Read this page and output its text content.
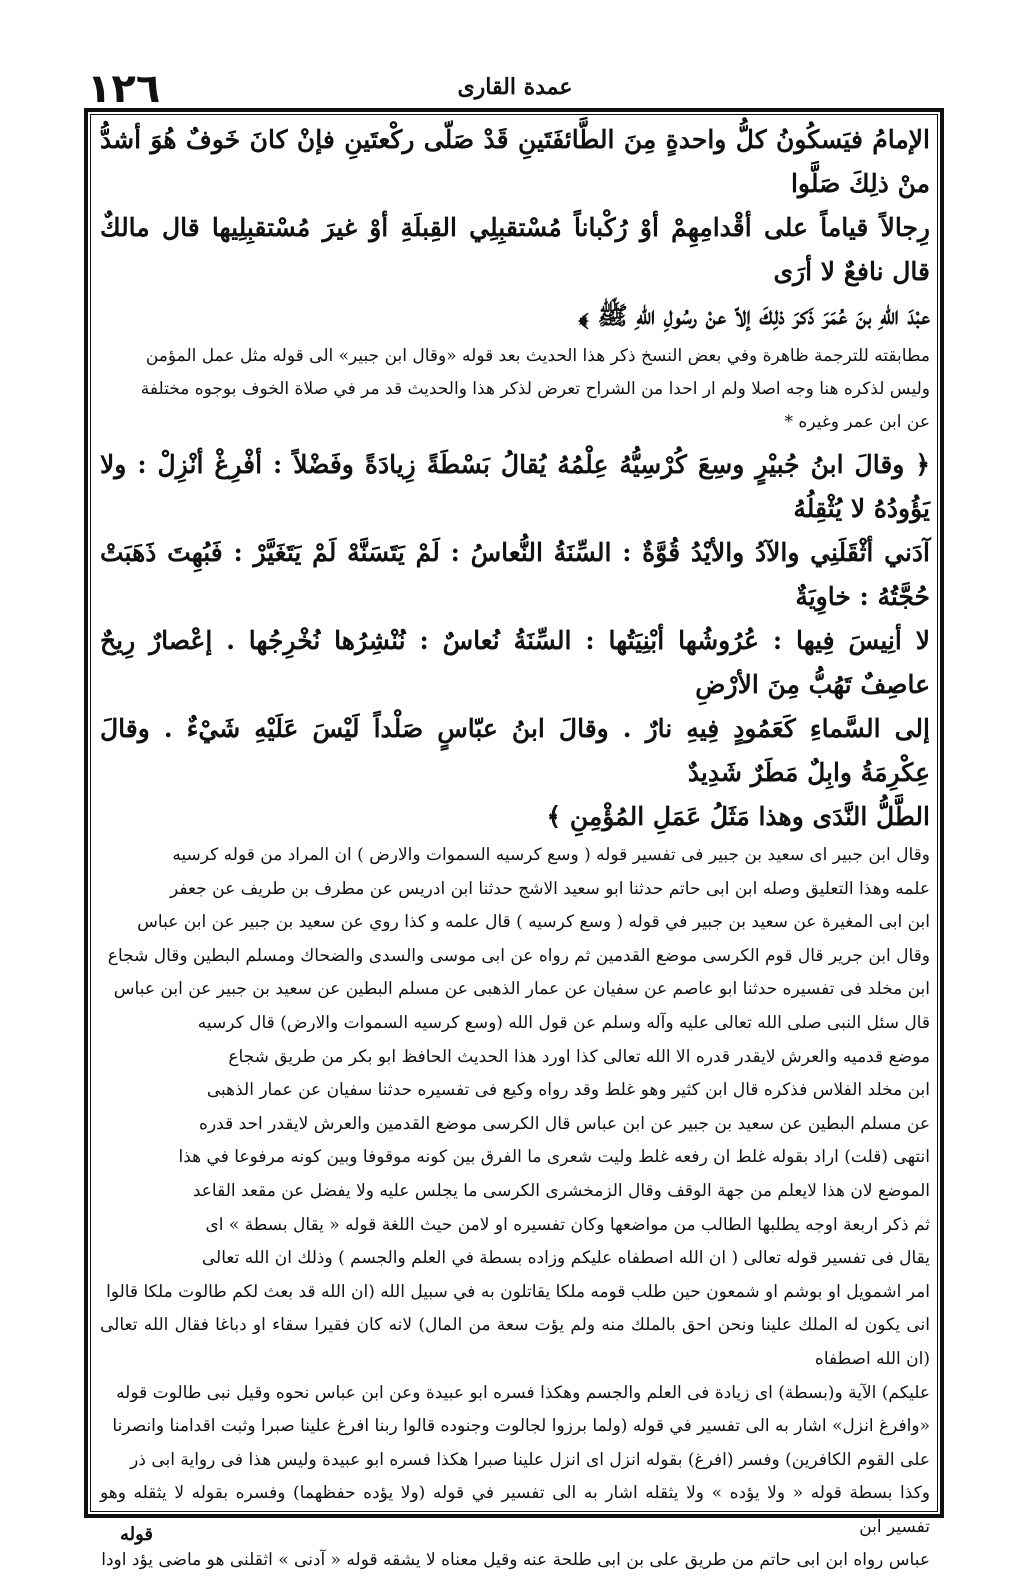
١٢٦	عمدة القارى

الإمامُ فيَسكُونُ كلُّ واحدةٍ مِنَ الطَّائفَتَينِ قَدْ صَلّى ركْعتَينِ فإنْ كانَ خَوفٌ هُوَ أشدُّ منْ ذلِكَ صَلَّوا

رِجالاً قياماً على أقْدامِهِمْ أوْ رُكْباناً مُسْتقبِلِي القِبلَةِ أوْ غيرَ مُسْتقبِلِيها قال مالكٌ قال نافعٌ لا أرَى

عبْدَ اللهِ بنَ عُمَرَ ذَكرَ ذلِكَ إلاّ عنْ رسُولِ اللهِ ﷺ ﴾

مطابقته للترجمة ظاهرة وفي بعض النسخ ذكر هذا الحديث بعد قوله «وقال ابن جبير» الى قوله مثل عمل المؤمن

وليس لذكره هنا وجه اصلا ولم ار احدا من الشراح تعرض لذكر هذا والحديث قد مر في صلاة الخوف بوجوه مختلفة

عن ابن عمر وغيره *

﴿ وقالَ ابنُ جُبيْرٍ وسِعَ كُرْسِيُّهُ عِلْمُهُ يُقالُ بَسْطَةً زِيادَةً وفَضْلاً : أفْرِغْ أنْزِلْ : ولا يَؤُودُهُ لا يُثْقِلُهُ

آدَني أثْقَلَنِي والآدُ والأيْدُ قُوَّةٌ : السِّنَةُ النُّعاسُ : لَمْ يَتَسَنَّهْ لَمْ يَتَغَيَّرْ : فَبُهِتَ ذَهَبَتْ حُجَّتُهُ : خاوِيَةٌ

لا أنِيسَ فِيها : عُرُوشُها أبْنِيَتُها : السِّنَةُ نُعاسٌ : نُنْشِرُها نُخْرِجُها . إعْصارٌ رِيحٌ عاصِفٌ تَهُبُّ مِنَ الأرْضِ

إلى السَّماءِ كَعَمُودٍ فِيهِ نارٌ . وقالَ ابنُ عبّاسٍ صَلْداً لَيْسَ عَلَيْهِ شَيْءٌ . وقالَ عِكْرِمَةُ وابِلٌ مَطَرٌ شَدِيدٌ

الطَّلُّ النَّدَى وهذا مَثَلُ عَمَلِ المُؤْمِنِ ﴾

وقال ابن جبير اى سعيد بن جبير فى تفسير قوله ( وسع كرسيه السموات والارض ) ان المراد من قوله كرسيه

علمه وهذا التعليق وصله ابن ابى حاتم حدثنا ابو سعيد الاشج حدثنا ابن ادريس عن مطرف بن طريف عن جعفر

ابن ابى المغيرة عن سعيد بن جبير في قوله ( وسع كرسيه ) قال علمه و كذا روي عن سعيد بن جبير عن ابن عباس

وقال ابن جرير قال قوم الكرسى موضع القدمين ثم رواه عن ابى موسى والسدى والضحاك ومسلم البطين وقال شجاع

ابن مخلد فى تفسيره حدثنا ابو عاصم عن سفيان عن عمار الذهبى عن مسلم البطين عن سعيد بن جبير عن ابن عباس

قال سئل النبى صلى الله تعالى عليه وآله وسلم عن قول الله (وسع كرسيه السموات والارض) قال كرسيه

موضع قدميه والعرش لايقدر قدره الا الله تعالى كذا اورد هذا الحديث الحافظ ابو بكر من طريق شجاع

ابن مخلد الفلاس فذكره قال ابن كثير وهو غلط وقد رواه وكيع فى تفسيره حدثنا سفيان عن عمار الذهبى

عن مسلم البطين عن سعيد بن جبير عن ابن عباس قال الكرسى موضع القدمين والعرش لايقدر احد قدره

انتهى (قلت) اراد بقوله غلط ان رفعه غلط وليت شعرى ما الفرق بين كونه موقوفا وبين كونه مرفوعا في هذا

الموضع لان هذا لايعلم من جهة الوقف وقال الزمخشرى الكرسى ما يجلس عليه ولا يفضل عن مقعد القاعد

ثم ذكر اربعة اوجه يطلبها الطالب من مواضعها وكان تفسيره او لامن حيث اللغة قوله « يقال بسطة » اى

يقال فى تفسير قوله تعالى ( ان الله اصطفاه عليكم وزاده بسطة في العلم والجسم ) وذلك ان الله تعالى

امر اشمويل او بوشم او شمعون حين طلب قومه ملكا يقاتلون به في سبيل الله (ان الله قد بعث لكم طالوت ملكا قالوا

انى يكون له الملك علينا ونحن احق بالملك منه ولم يؤت سعة من المال) لانه كان فقيرا سقاء او دباغا فقال الله تعالى (ان الله اصطفاه

عليكم) الآية و(بسطة) اى زيادة فى العلم والجسم وهكذا فسره ابو عبيدة وعن ابن عباس نحوه وقيل نبى طالوت قوله

«وافرغ انزل» اشار به الى تفسير في قوله (ولما برزوا لجالوت وجنوده قالوا ربنا افرغ علينا صبرا وثبت اقدامنا وانصرنا

على القوم الكافرين) وفسر (افرغ) بقوله انزل اى انزل علينا صبرا هكذا فسره ابو عبيدة وليس هذا فى رواية ابى ذر

وكذا بسطة قوله « ولا يؤده » ولا يثقله اشار به الى تفسير في قوله (ولا يؤده حفظهما) وفسره بقوله لا يثقله وهو تفسير ابن

عباس رواه ابن ابى حاتم من طريق على بن ابى طلحة عنه وقيل معناه لا يشقه قوله « آدنى » اثقلنى هو ماضى يؤد اودا

قوله
